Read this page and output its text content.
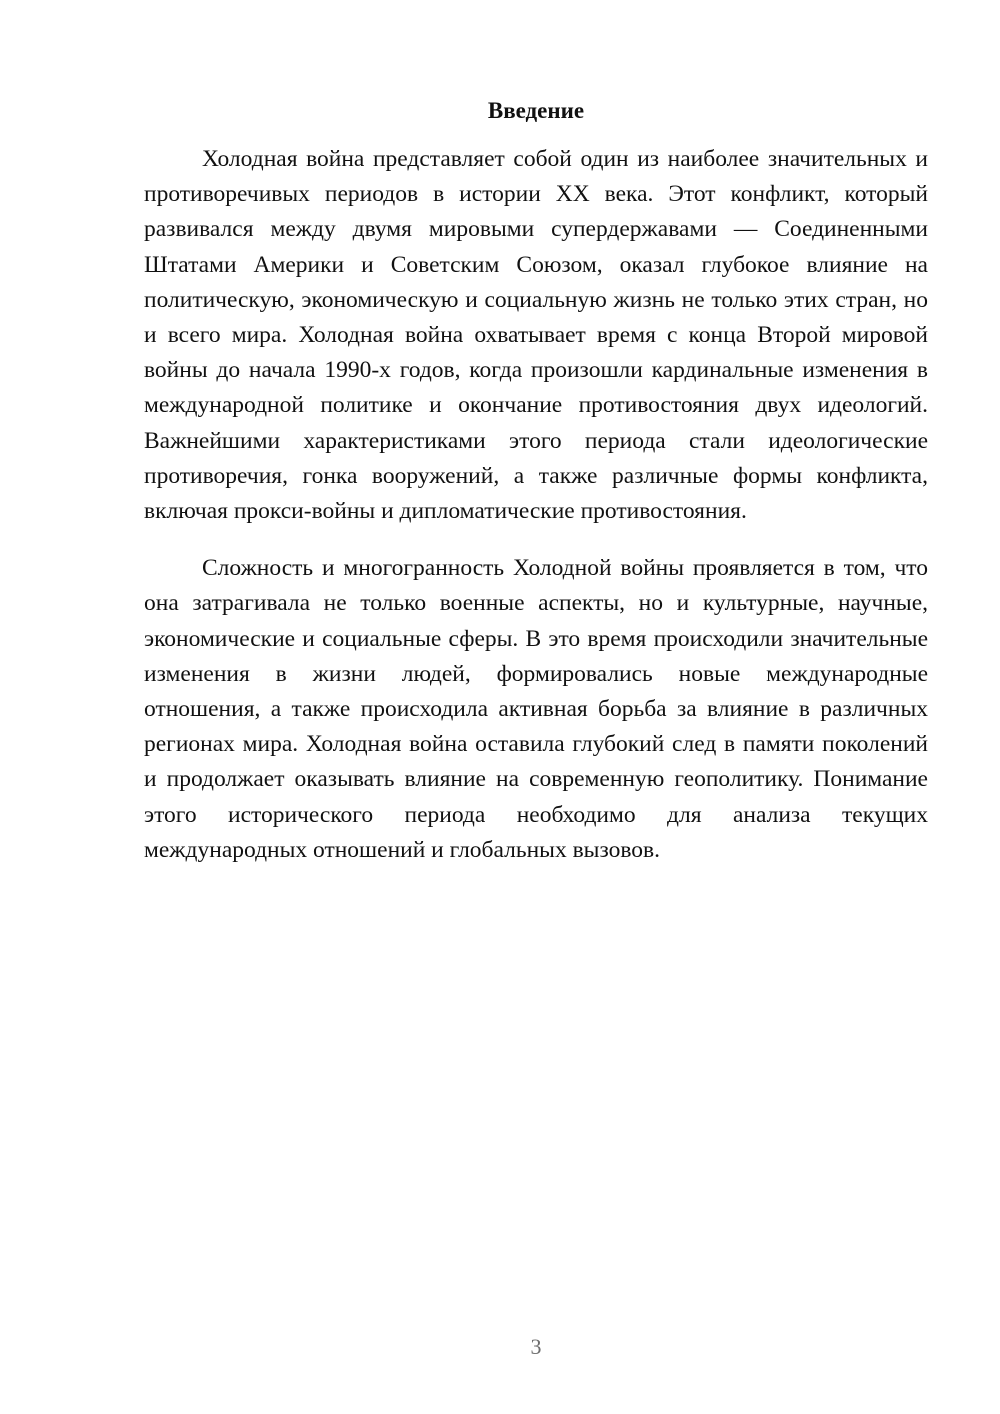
Введение

Холодная война представляет собой один из наиболее значительных и противоречивых периодов в истории XX века. Этот конфликт, который развивался между двумя мировыми супердержавами — Соединенными Штатами Америки и Советским Союзом, оказал глубокое влияние на политическую, экономическую и социальную жизнь не только этих стран, но и всего мира. Холодная война охватывает время с конца Второй мировой войны до начала 1990-х годов, когда произошли кардинальные изменения в международной политике и окончание противостояния двух идеологий. Важнейшими характеристиками этого периода стали идеологические противоречия, гонка вооружений, а также различные формы конфликта, включая прокси-войны и дипломатические противостояния.

Сложность и многогранность Холодной войны проявляется в том, что она затрагивала не только военные аспекты, но и культурные, научные, экономические и социальные сферы. В это время происходили значительные изменения в жизни людей, формировались новые международные отношения, а также происходила активная борьба за влияние в различных регионах мира. Холодная война оставила глубокий след в памяти поколений и продолжает оказывать влияние на современную геополитику. Понимание этого исторического периода необходимо для анализа текущих международных отношений и глобальных вызовов.

3
